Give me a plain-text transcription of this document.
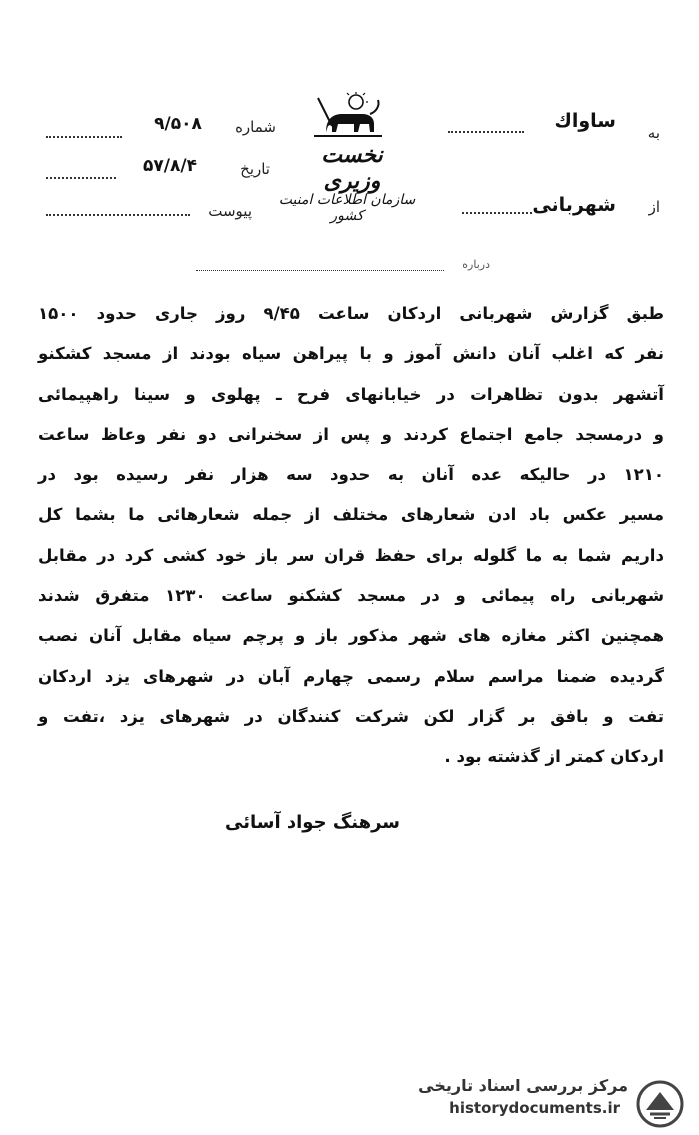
به
ساواك
از
شهربانی
نخست وزیری
سازمان اطلاعات امنیت کشور
شماره
۹/۵۰۸
تاریخ
۵۷/۸/۴
پیوست
درباره
طبق گزارش شهربانی اردکان ساعت ۹/۴۵ روز جاری حدود ۱۵۰۰
نفر که اغلب آنان دانش آموز و با پیراهن سیاه بودند از مسجد کشکنو
آتشهر بدون تظاهرات در خیابانهای فرح ـ پهلوی و سینا راهپیمائی
و درمسجد جامع اجتماع کردند و پس از سخنرانی دو نفر وعاظ ساعت
۱۲۱۰ در حالیکه عده آنان به حدود سه هزار نفر رسیده بود در
مسیر عکس باد ادن شعارهای مختلف از جمله شعارهائی ما بشما کل
داریم شما به ما گلوله برای حفظ قران سر باز خود کشی کرد در مقابل
شهربانی راه پیمائی و در مسجد کشکنو ساعت ۱۲۳۰ متفرق شدند
همچنین اکثر مغازه های شهر مذکور باز و پرچم سیاه مقابل آنان نصب
گردیده ضمنا مراسم سلام رسمی چهارم آبان در شهرهای یزد اردکان
تفت و بافق بر گزار لکن شرکت کنندگان در شهرهای یزد ،تفت و
اردکان کمتر از گذشته بود .
سرهنگ جواد آسائی
مرکز بررسی اسناد تاریخی
historydocuments.ir
